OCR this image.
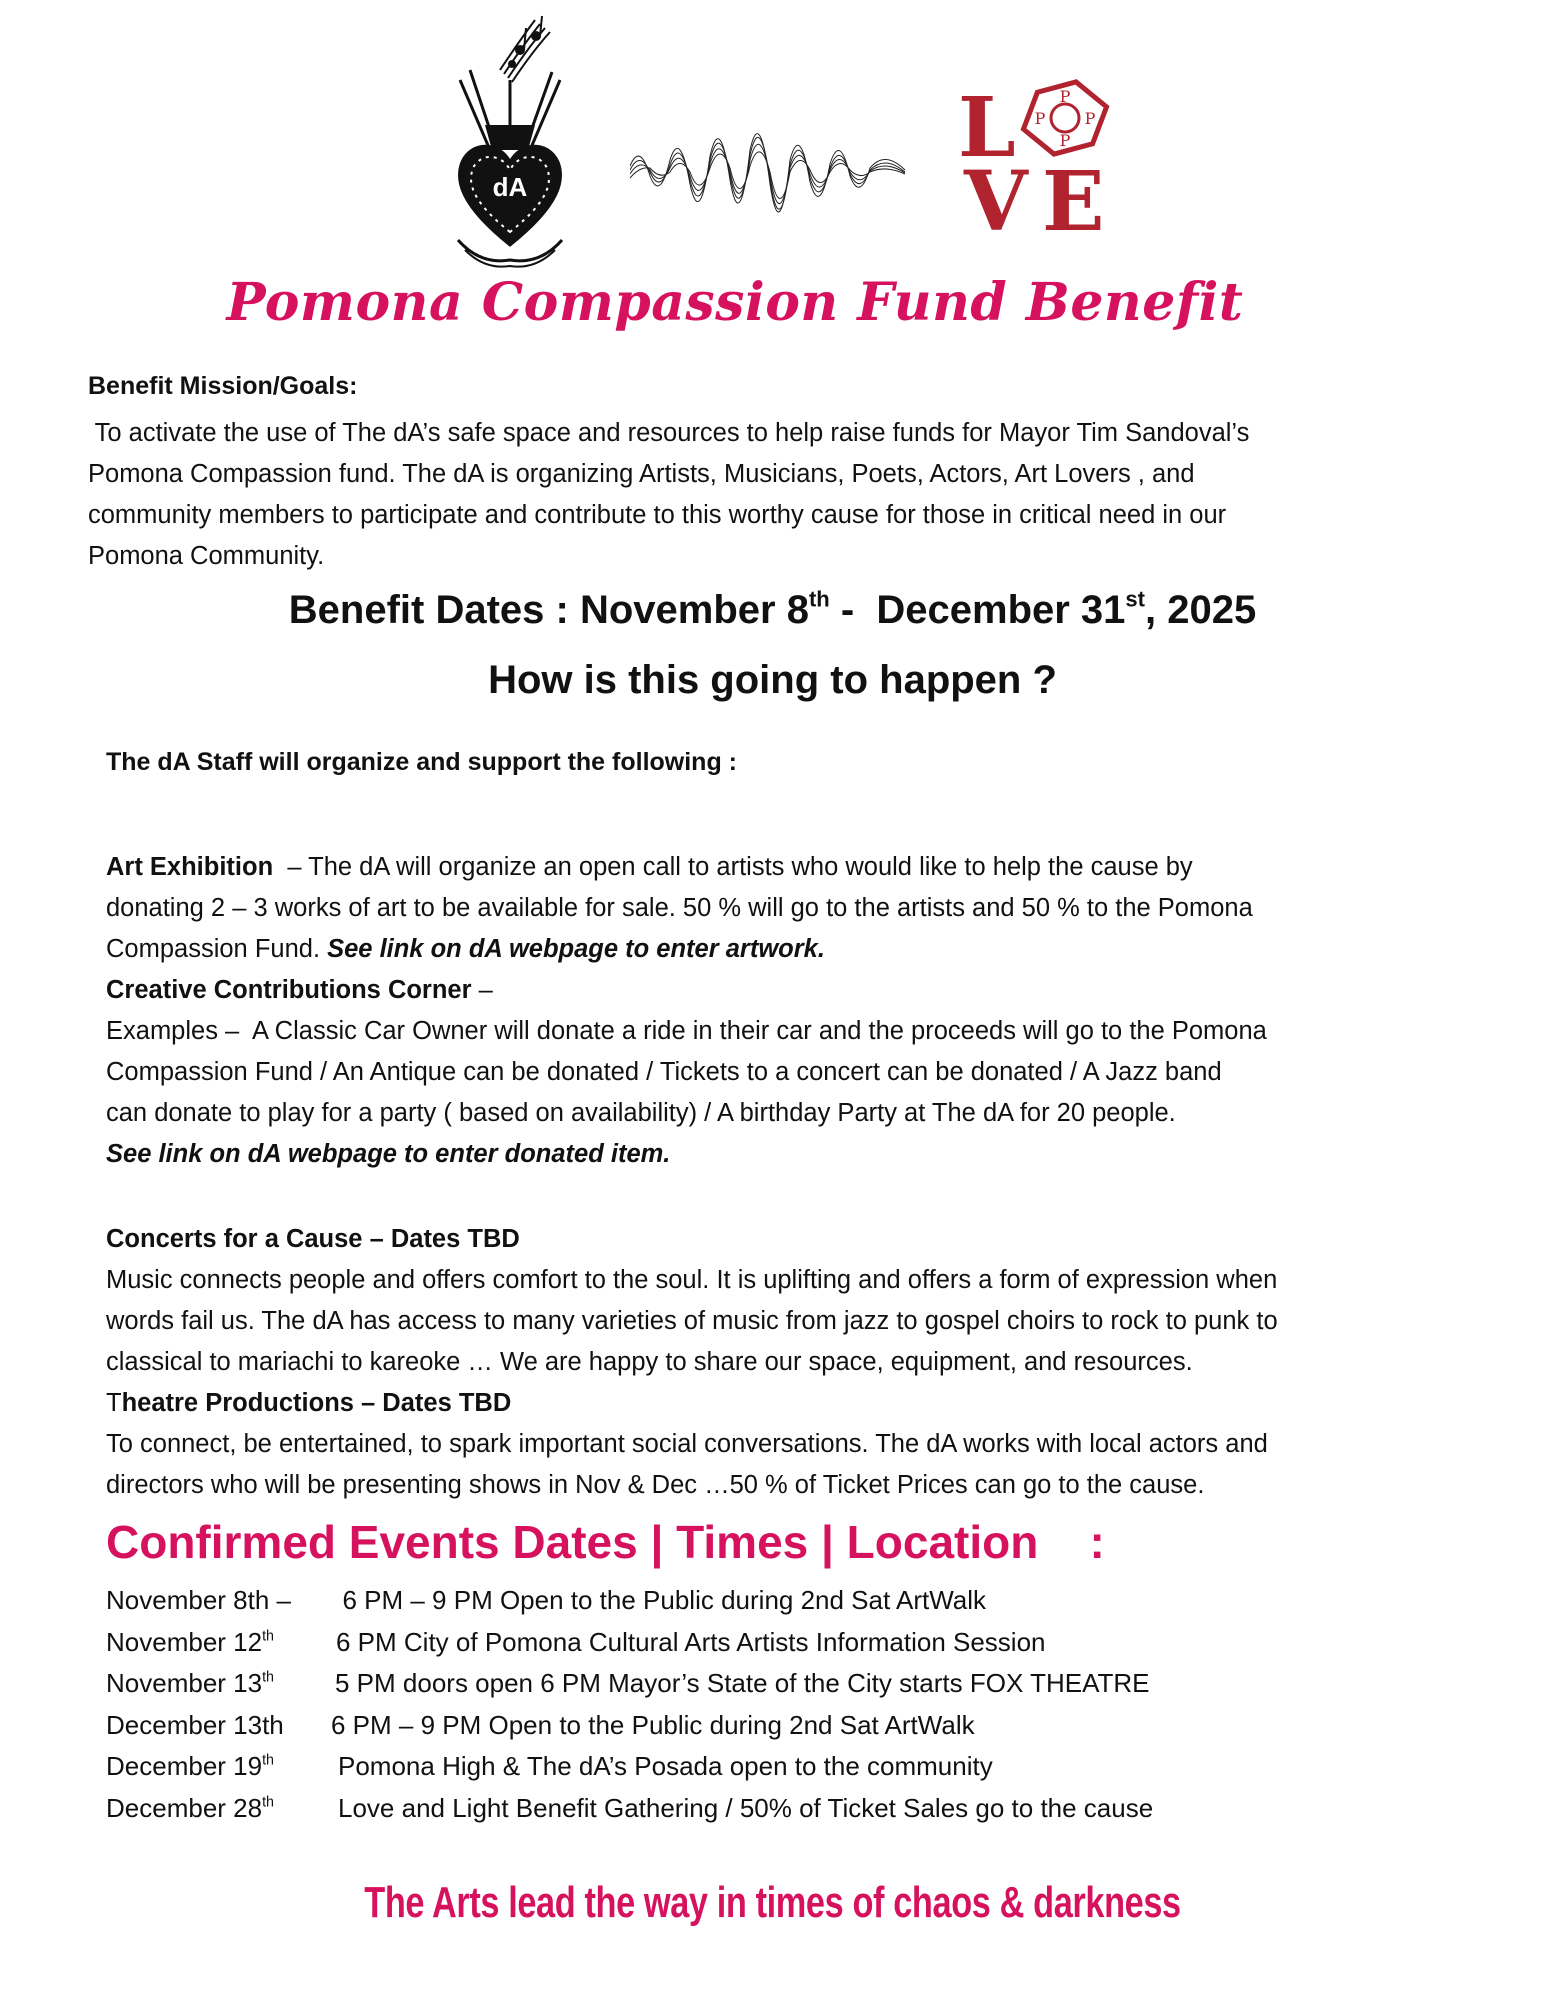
dA
L	P
P
P P
V E
Pomona Compassion Fund Benefit
Benefit Mission/Goals:
To activate the use of The dA’s safe space and resources to help raise funds for Mayor Tim Sandoval’s
Pomona Compassion fund. The dA is organizing Artists, Musicians, Poets, Actors, Art Lovers , and
community members to participate and contribute to this worthy cause for those in critical need in our
Pomona Community.
Benefit Dates : November 8th -  December 31st, 2025
How is this going to happen ?
The dA Staff will organize and support the following :

Art Exhibition  – The dA will organize an open call to artists who would like to help the cause by
donating 2 – 3 works of art to be available for sale. 50 % will go to the artists and 50 % to the Pomona
Compassion Fund. See link on dA webpage to enter artwork.
Creative Contributions Corner –
Examples –  A Classic Car Owner will donate a ride in their car and the proceeds will go to the Pomona
Compassion Fund / An Antique can be donated / Tickets to a concert can be donated / A Jazz band
can donate to play for a party ( based on availability) / A birthday Party at The dA for 20 people.
See link on dA webpage to enter donated item.

Concerts for a Cause – Dates TBD
Music connects people and offers comfort to the soul. It is uplifting and offers a form of expression when
words fail us. The dA has access to many varieties of music from jazz to gospel choirs to rock to punk to
classical to mariachi to kareoke … We are happy to share our space, equipment, and resources.
Theatre Productions – Dates TBD
To connect, be entertained, to spark important social conversations. The dA works with local actors and
directors who will be presenting shows in Nov & Dec …50 % of Ticket Prices can go to the cause.

Confirmed Events Dates | Times | Location    :
November 8th –	6 PM – 9 PM Open to the Public during 2nd Sat ArtWalk
November 12th	6 PM City of Pomona Cultural Arts Artists Information Session
November 13th	5 PM doors open 6 PM Mayor’s State of the City starts FOX THEATRE
December 13th	6 PM – 9 PM Open to the Public during 2nd Sat ArtWalk
December 19th	Pomona High & The dA’s Posada open to the community
December 28th	Love and Light Benefit Gathering / 50% of Ticket Sales go to the cause
The Arts lead the way in times of chaos & darkness
